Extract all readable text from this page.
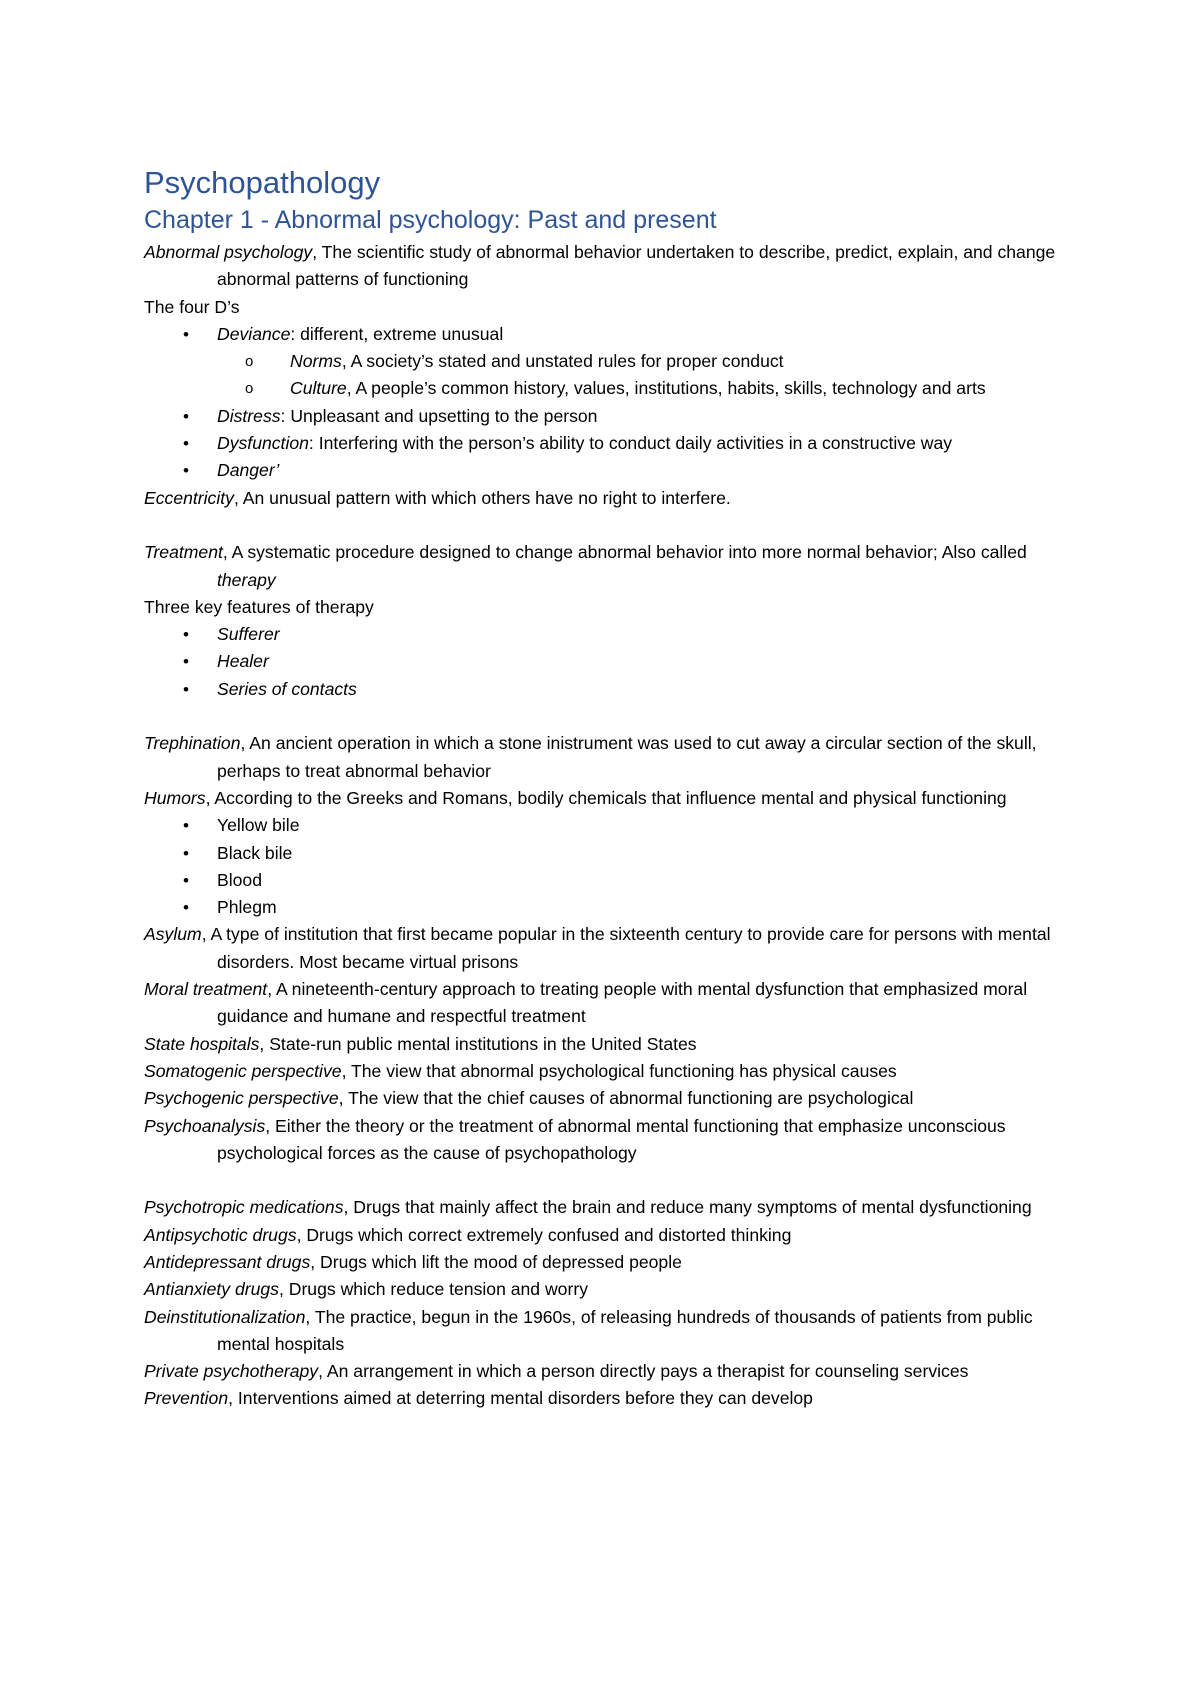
Psychopathology
Chapter 1 - Abnormal psychology: Past and present

Abnormal psychology, The scientific study of abnormal behavior undertaken to describe, predict, explain, and change abnormal patterns of functioning

The four D’s

• Deviance: different, extreme unusual
o Norms, A society’s stated and unstated rules for proper conduct
o Culture, A people’s common history, values, institutions, habits, skills, technology and arts
• Distress: Unpleasant and upsetting to the person
• Dysfunction: Interfering with the person’s ability to conduct daily activities in a constructive way
• Danger’

Eccentricity, An unusual pattern with which others have no right to interfere.

Treatment, A systematic procedure designed to change abnormal behavior into more normal behavior; Also called therapy

Three key features of therapy

• Sufferer
• Healer
• Series of contacts

Trephination, An ancient operation in which a stone inistrument was used to cut away a circular section of the skull, perhaps to treat abnormal behavior

Humors, According to the Greeks and Romans, bodily chemicals that influence mental and physical functioning

• Yellow bile
• Black bile
• Blood
• Phlegm

Asylum, A type of institution that first became popular in the sixteenth century to provide care for persons with mental disorders. Most became virtual prisons

Moral treatment, A nineteenth-century approach to treating people with mental dysfunction that emphasized moral guidance and humane and respectful treatment

State hospitals, State-run public mental institutions in the United States

Somatogenic perspective, The view that abnormal psychological functioning has physical causes

Psychogenic perspective, The view that the chief causes of abnormal functioning are psychological

Psychoanalysis, Either the theory or the treatment of abnormal mental functioning that emphasize unconscious psychological forces as the cause of psychopathology

Psychotropic medications, Drugs that mainly affect the brain and reduce many symptoms of mental dysfunctioning

Antipsychotic drugs, Drugs which correct extremely confused and distorted thinking

Antidepressant drugs, Drugs which lift the mood of depressed people

Antianxiety drugs, Drugs which reduce tension and worry

Deinstitutionalization, The practice, begun in the 1960s, of releasing hundreds of thousands of patients from public mental hospitals

Private psychotherapy, An arrangement in which a person directly pays a therapist for counseling services

Prevention, Interventions aimed at deterring mental disorders before they can develop
